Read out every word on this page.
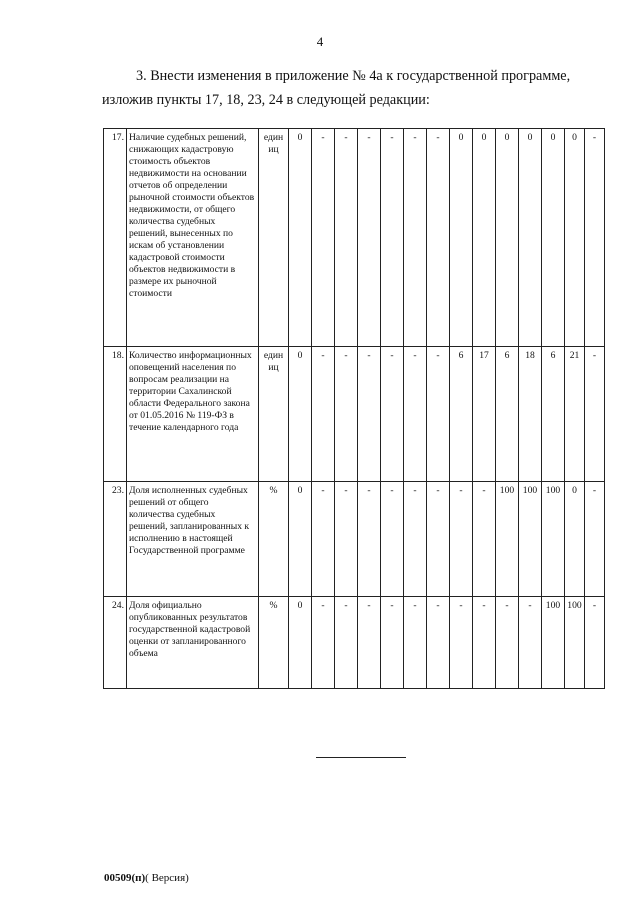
4
3. Внести изменения в приложение № 4а к государственной программе,
изложив пункты 17, 18, 23, 24 в следующей редакции:
17.	Наличие судебных решений, снижающих кадастровую стоимость объектов недвижимости на основании отчетов об определении рыночной стоимости объектов недвижимости, от общего количества судебных решений, вынесенных по искам об установлении кадастровой стоимости объектов недвижимости в размере их рыночной стоимости	един иц	0	-	-	-	-	-	-	0	0	0	0	0	0	-
18.	Количество информационных оповещений населения по вопросам реализации на территории Сахалинской области Федерального закона от 01.05.2016 № 119-ФЗ в течение календарного года	един иц	0	-	-	-	-	-	-	6	17	6	18	6	21	-
23.	Доля исполненных судебных решений от общего количества судебных решений, запланированных к исполнению в настоящей Государственной программе	%	0	-	-	-	-	-	-	-	-	100	100	100	0	-
24.	Доля официально опубликованных результатов государственной кадастровой оценки от запланированного объема	%	0	-	-	-	-	-	-	-	-	-	-	100	100	-
00509(п)( Версия)
